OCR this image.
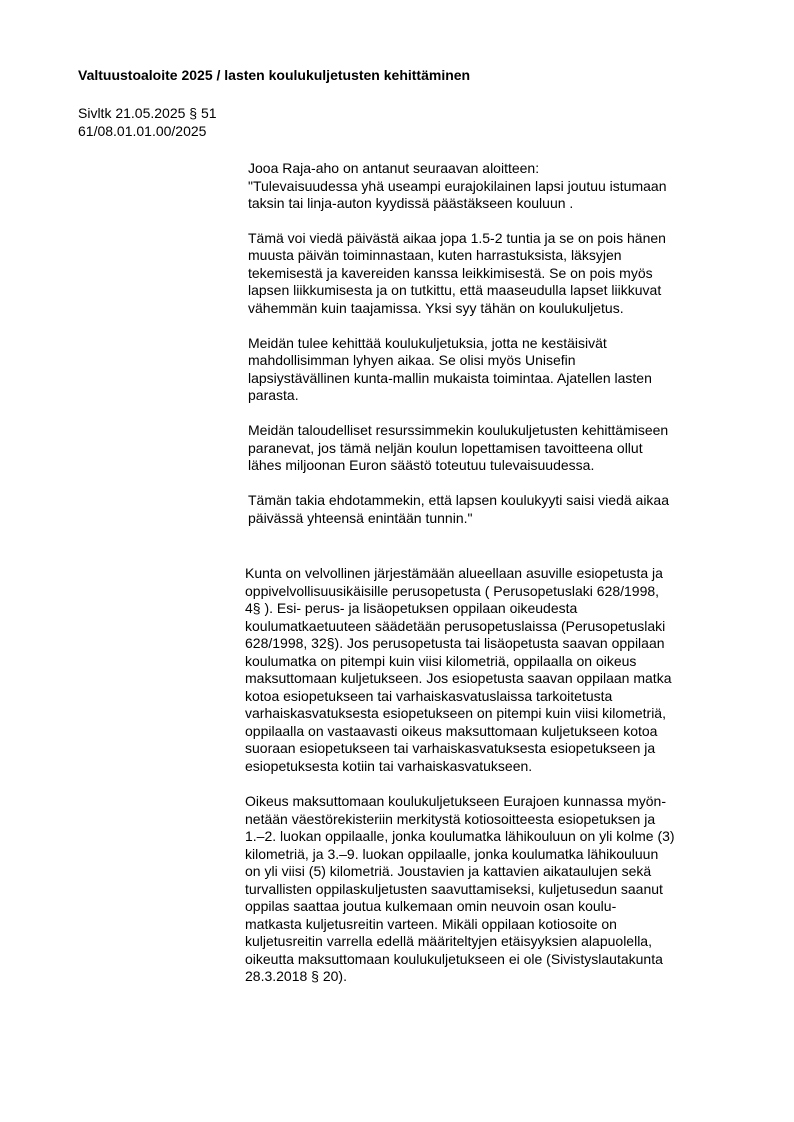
Valtuustoaloite 2025 / lasten koulukuljetusten kehittäminen
Sivltk 21.05.2025 § 51
61/08.01.01.00/2025
Jooa Raja-aho on antanut seuraavan aloitteen:

"Tulevaisuudessa yhä useampi eurajokilainen lapsi joutuu istumaan
taksin tai linja-auton kyydissä päästäkseen kouluun .

Tämä voi viedä päivästä aikaa jopa 1.5-2 tuntia ja se on pois hänen
muusta päivän toiminnastaan, kuten harrastuksista, läksyjen
tekemisestä ja kavereiden kanssa leikkimisestä. Se on pois myös
lapsen liikkumisesta ja on tutkittu, että maaseudulla lapset liikkuvat
vähemmän kuin taajamissa. Yksi syy tähän on koulukuljetus.

Meidän tulee kehittää koulukuljetuksia, jotta ne kestäisivät
mahdollisimman lyhyen aikaa. Se olisi myös Unisefin
lapsiystävällinen kunta-mallin mukaista toimintaa. Ajatellen lasten
parasta.

Meidän taloudelliset resurssimmekin koulukuljetusten kehittämiseen
paranevat, jos tämä neljän koulun lopettamisen tavoitteena ollut
lähes miljoonan Euron säästö toteutuu tulevaisuudessa.

Tämän takia ehdotammekin, että lapsen koulukyyti saisi viedä aikaa
päivässä yhteensä enintään tunnin."

Kunta on velvollinen järjestämään alueellaan asuville esiopetusta ja
oppivelvollisuusikäisille perusopetusta ( Perusopetuslaki 628/1998,
4§ ). Esi- perus- ja lisäopetuksen oppilaan oikeudesta
koulumatkaetuuteen säädetään perusopetuslaissa (Perusopetuslaki
628/1998, 32§). Jos perusopetusta tai lisäopetusta saavan oppilaan
koulumatka on pitempi kuin viisi kilometriä, oppilaalla on oikeus
maksuttomaan kuljetukseen. Jos esiopetusta saavan oppilaan matka
kotoa esiopetukseen tai varhaiskasvatuslaissa tarkoitetusta
varhaiskasvatuksesta esiopetukseen on pitempi kuin viisi kilometriä,
oppilaalla on vastaavasti oikeus maksuttomaan kuljetukseen kotoa
suoraan esiopetukseen tai varhaiskasvatuksesta esiopetukseen ja
esiopetuksesta kotiin tai varhaiskasvatukseen.

Oikeus maksuttomaan koulukuljetukseen Eurajoen kunnassa myön-
netään väestörekisteriin merkitystä kotiosoitteesta esiopetuksen ja
1.–2. luokan oppilaalle, jonka koulumatka lähikouluun on yli kolme (3)
kilometriä, ja 3.–9. luokan oppilaalle, jonka koulumatka lähikouluun
on yli viisi (5) kilometriä. Joustavien ja kattavien aikataulujen sekä
turvallisten oppilaskuljetusten saavuttamiseksi, kuljetusedun saanut
oppilas saattaa joutua kulkemaan omin neuvoin osan koulu-
matkasta kuljetusreitin varteen. Mikäli oppilaan kotiosoite on
kuljetusreitin varrella edellä määriteltyjen etäisyyksien alapuolella,
oikeutta maksuttomaan koulukuljetukseen ei ole (Sivistyslautakunta
28.3.2018 § 20).
